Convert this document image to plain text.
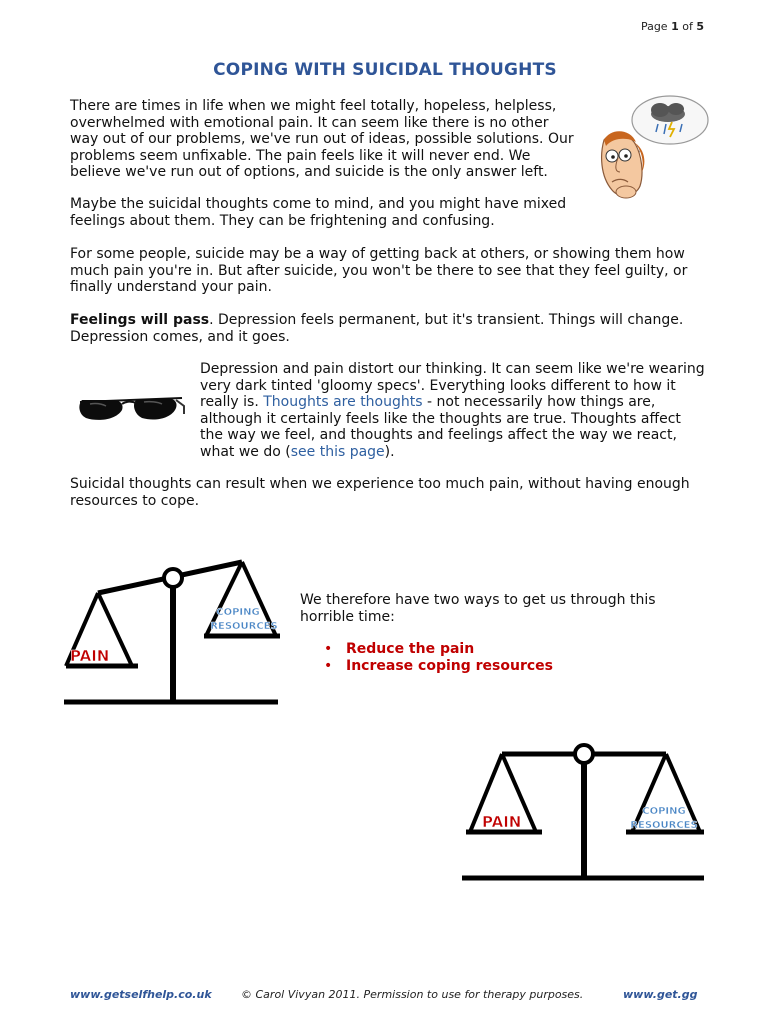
Page 1 of 5
COPING WITH SUICIDAL THOUGHTS

There are times in life when we might feel totally, hopeless, helpless, overwhelmed with emotional pain. It can seem like there is no other way out of our problems, we've run out of ideas, possible solutions. Our problems seem unfixable. The pain feels like it will never end. We believe we've run out of options, and suicide is the only answer left.

Maybe the suicidal thoughts come to mind, and you might have mixed feelings about them. They can be frightening and confusing.

For some people, suicide may be a way of getting back at others, or showing them how much pain you're in. But after suicide, you won't be there to see that they feel guilty, or finally understand your pain.

Feelings will pass. Depression feels permanent, but it's transient. Things will change. Depression comes, and it goes.

Depression and pain distort our thinking. It can seem like we're wearing very dark tinted 'gloomy specs'. Everything looks different to how it really is. Thoughts are thoughts - not necessarily how things are, although it certainly feels like the thoughts are true. Thoughts affect the way we feel, and thoughts and feelings affect the way we react, what we do (see this page).

Suicidal thoughts can result when we experience too much pain, without having enough resources to cope.

PAIN
COPING
RESOURCES

We therefore have two ways to get us through this horrible time:

• Reduce the pain
• Increase coping resources
PAIN
COPING
RESOURCES
www.getselfhelp.co.uk	© Carol Vivyan 2011. Permission to use for therapy purposes.	www.get.gg
